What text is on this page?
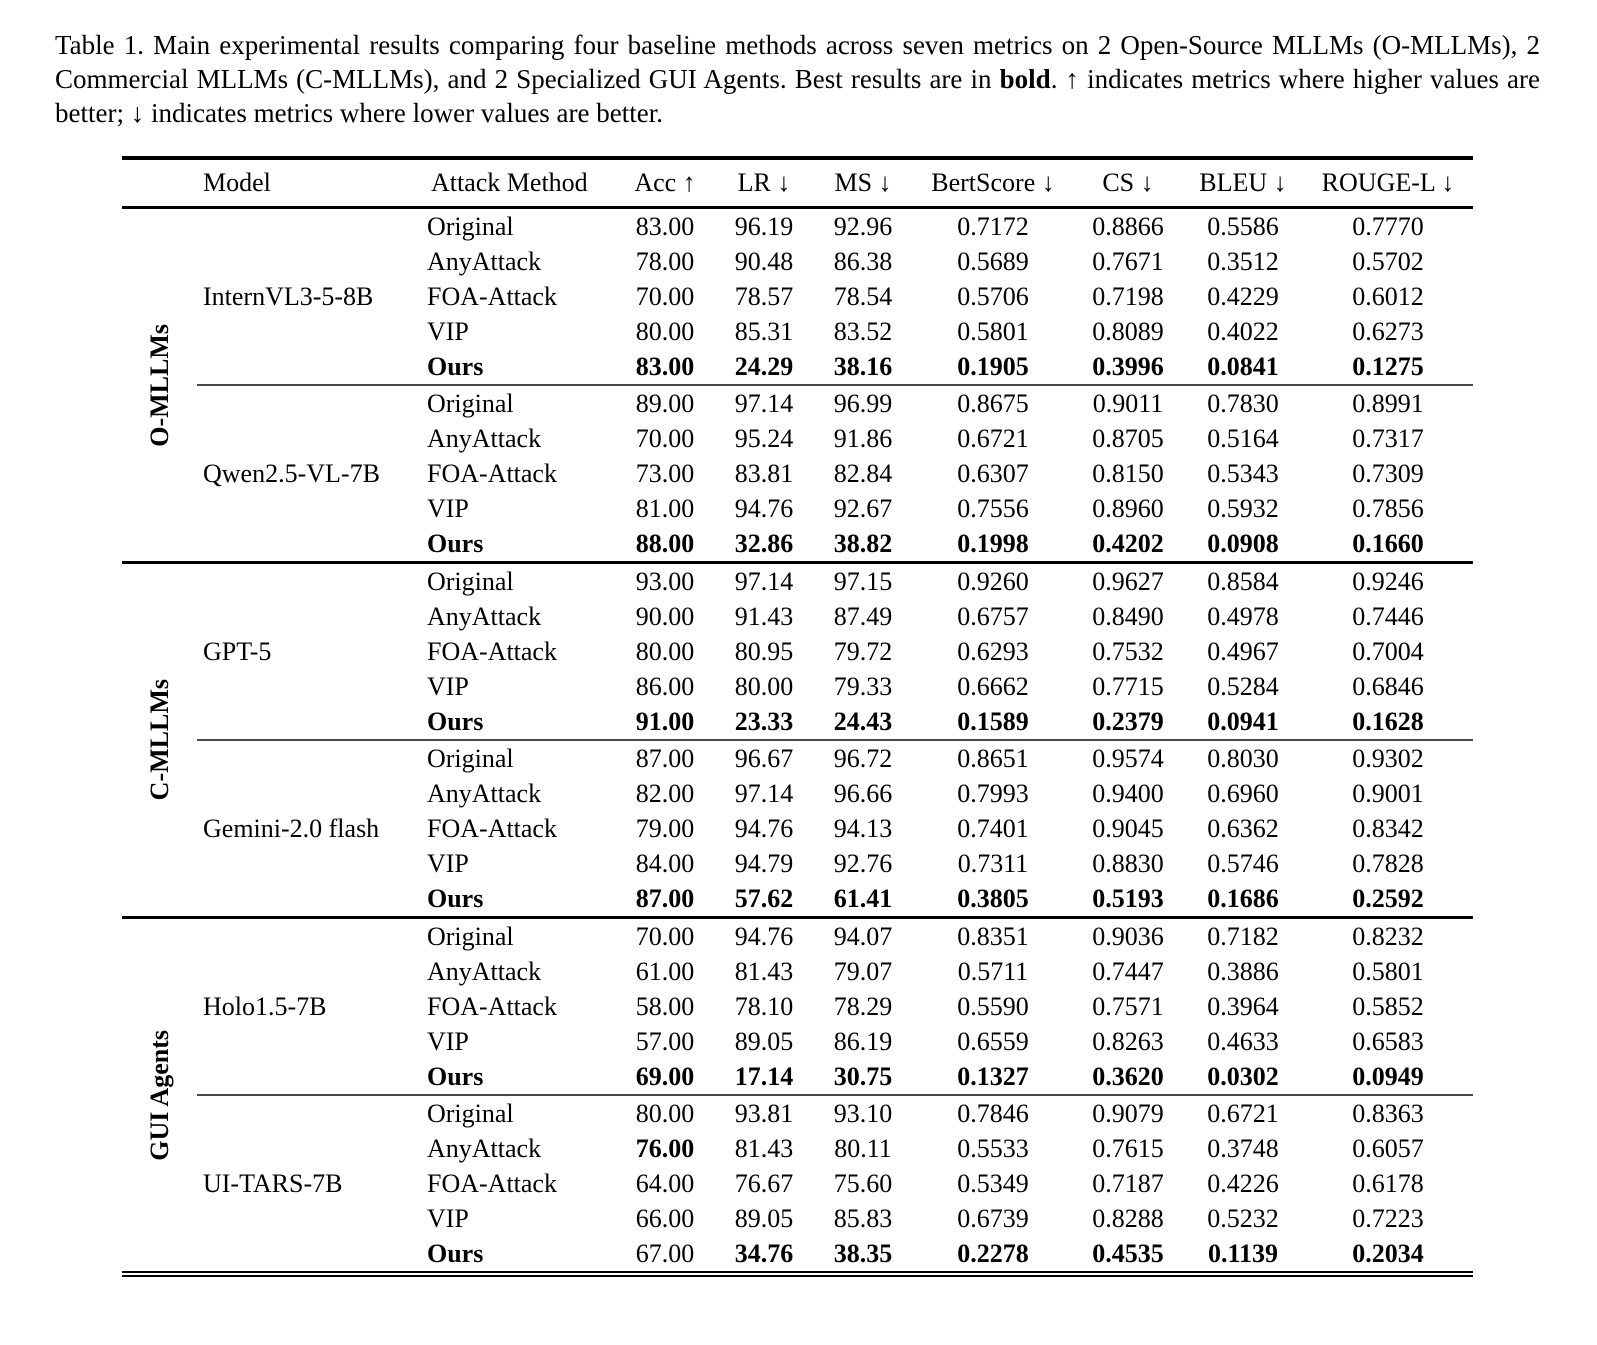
Table 1. Main experimental results comparing four baseline methods across seven metrics on 2 Open-Source MLLMs (O-MLLMs), 2 Commercial MLLMs (C-MLLMs), and 2 Specialized GUI Agents. Best results are in bold. ↑ indicates metrics where higher values are better; ↓ indicates metrics where lower values are better.

Model	Attack Method	Acc ↑	LR ↓	MS ↓	BertScore ↓	CS ↓	BLEU ↓	ROUGE-L ↓
O-MLLMs
InternVL3-5-8B
Original	83.00	96.19	92.96	0.7172	0.8866	0.5586	0.7770
AnyAttack	78.00	90.48	86.38	0.5689	0.7671	0.3512	0.5702
FOA-Attack	70.00	78.57	78.54	0.5706	0.7198	0.4229	0.6012
VIP	80.00	85.31	83.52	0.5801	0.8089	0.4022	0.6273
Ours	83.00	24.29	38.16	0.1905	0.3996	0.0841	0.1275
Qwen2.5-VL-7B
Original	89.00	97.14	96.99	0.8675	0.9011	0.7830	0.8991
AnyAttack	70.00	95.24	91.86	0.6721	0.8705	0.5164	0.7317
FOA-Attack	73.00	83.81	82.84	0.6307	0.8150	0.5343	0.7309
VIP	81.00	94.76	92.67	0.7556	0.8960	0.5932	0.7856
Ours	88.00	32.86	38.82	0.1998	0.4202	0.0908	0.1660
C-MLLMs
GPT-5
Original	93.00	97.14	97.15	0.9260	0.9627	0.8584	0.9246
AnyAttack	90.00	91.43	87.49	0.6757	0.8490	0.4978	0.7446
FOA-Attack	80.00	80.95	79.72	0.6293	0.7532	0.4967	0.7004
VIP	86.00	80.00	79.33	0.6662	0.7715	0.5284	0.6846
Ours	91.00	23.33	24.43	0.1589	0.2379	0.0941	0.1628
Gemini-2.0 flash
Original	87.00	96.67	96.72	0.8651	0.9574	0.8030	0.9302
AnyAttack	82.00	97.14	96.66	0.7993	0.9400	0.6960	0.9001
FOA-Attack	79.00	94.76	94.13	0.7401	0.9045	0.6362	0.8342
VIP	84.00	94.79	92.76	0.7311	0.8830	0.5746	0.7828
Ours	87.00	57.62	61.41	0.3805	0.5193	0.1686	0.2592
GUI Agents
Holo1.5-7B
Original	70.00	94.76	94.07	0.8351	0.9036	0.7182	0.8232
AnyAttack	61.00	81.43	79.07	0.5711	0.7447	0.3886	0.5801
FOA-Attack	58.00	78.10	78.29	0.5590	0.7571	0.3964	0.5852
VIP	57.00	89.05	86.19	0.6559	0.8263	0.4633	0.6583
Ours	69.00	17.14	30.75	0.1327	0.3620	0.0302	0.0949
UI-TARS-7B
Original	80.00	93.81	93.10	0.7846	0.9079	0.6721	0.8363
AnyAttack	76.00	81.43	80.11	0.5533	0.7615	0.3748	0.6057
FOA-Attack	64.00	76.67	75.60	0.5349	0.7187	0.4226	0.6178
VIP	66.00	89.05	85.83	0.6739	0.8288	0.5232	0.7223
Ours	67.00	34.76	38.35	0.2278	0.4535	0.1139	0.2034
